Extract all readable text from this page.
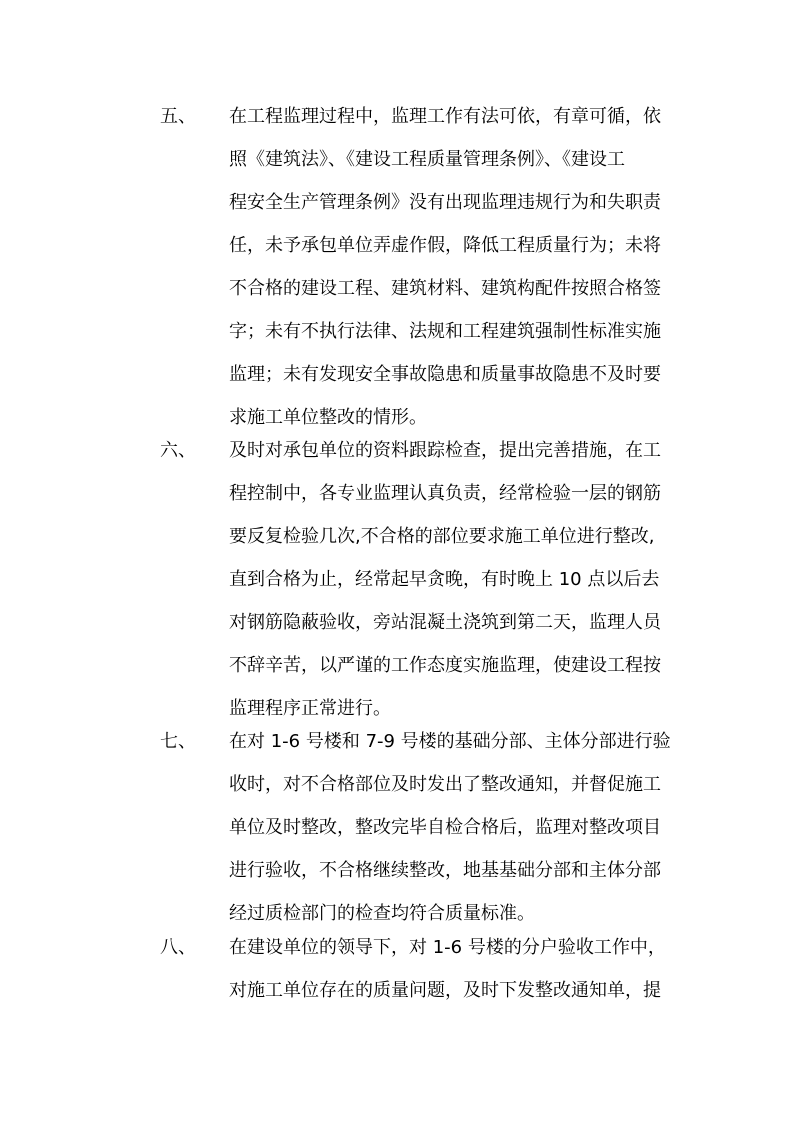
五、 在工程监理过程中，监理工作有法可依，有章可循，依
照《建筑法》、《建设工程质量管理条例》、《建设工
程安全生产管理条例》没有出现监理违规行为和失职责
任，未予承包单位弄虚作假，降低工程质量行为；未将
不合格的建设工程、建筑材料、建筑构配件按照合格签
字；未有不执行法律、法规和工程建筑强制性标准实施
监理；未有发现安全事故隐患和质量事故隐患不及时要
求施工单位整改的情形。
六、 及时对承包单位的资料跟踪检查，提出完善措施，在工
程控制中，各专业监理认真负责，经常检验一层的钢筋
要反复检验几次,不合格的部位要求施工单位进行整改,
直到合格为止，经常起早贪晚，有时晚上 10 点以后去
对钢筋隐蔽验收，旁站混凝土浇筑到第二天，监理人员
不辞辛苦，以严谨的工作态度实施监理，使建设工程按
监理程序正常进行。
七、 在对 1-6 号楼和 7-9 号楼的基础分部、主体分部进行验
收时，对不合格部位及时发出了整改通知，并督促施工
单位及时整改，整改完毕自检合格后，监理对整改项目
进行验收，不合格继续整改，地基基础分部和主体分部
经过质检部门的检查均符合质量标准。
八、 在建设单位的领导下，对 1-6 号楼的分户验收工作中，
对施工单位存在的质量问题，及时下发整改通知单，提
